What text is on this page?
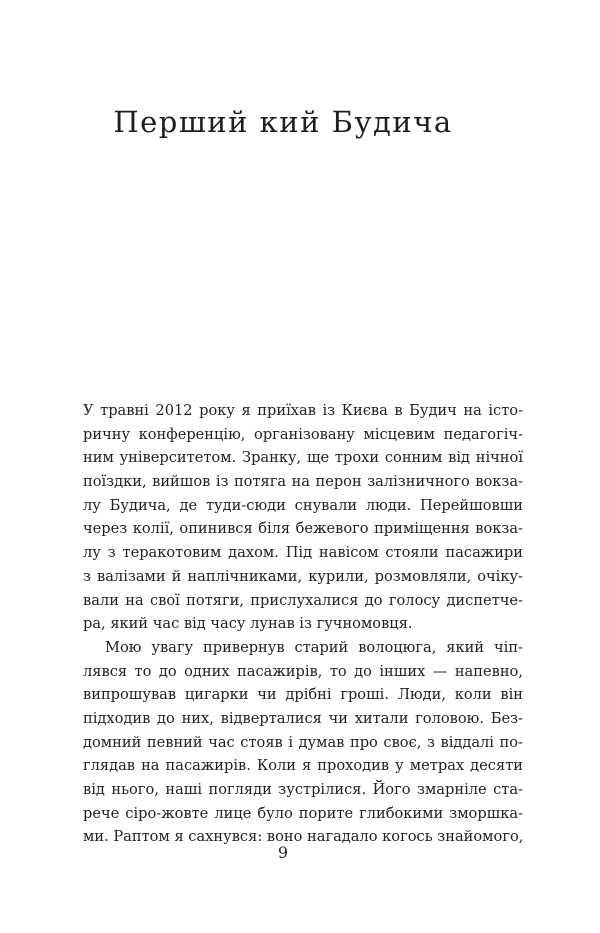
Перший кий Будича
У травні 2012 року я приїхав із Києва в Будич на істо-
ричну конференцію, організовану місцевим педагогіч-
ним університетом. Зранку, ще трохи сонним від нічної
поїздки, вийшов із потяга на перон залізничного вокза-
лу Будича, де туди-сюди снували люди. Перейшовши
через колії, опинився біля бежевого приміщення вокза-
лу з теракотовим дахом. Під навісом стояли пасажири
з валізами й наплічниками, курили, розмовляли, очіку-
вали на свої потяги, прислухалися до голосу диспетче-
ра, який час від часу лунав із гучномовця.
Мою увагу привернув старий волоцюга, який чіп-
лявся то до одних пасажирів, то до інших — напевно,
випрошував цигарки чи дрібні гроші. Люди, коли він
підходив до них, відверталися чи хитали головою. Без-
домний певний час стояв і думав про своє, з віддалі по-
глядав на пасажирів. Коли я проходив у метрах десяти
від нього, наші погляди зустрілися. Його змарніле ста-
рече сіро-жовте лице було порите глибокими зморшка-
ми. Раптом я сахнувся: воно нагадало когось знайомого,
9
